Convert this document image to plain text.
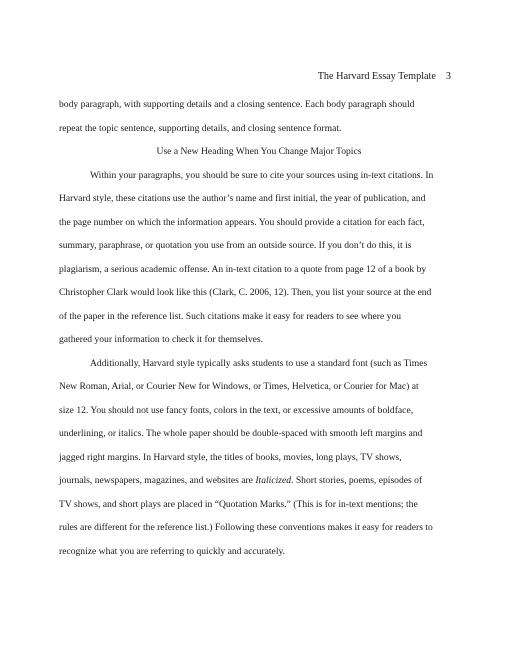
The Harvard Essay Template 3

body paragraph, with supporting details and a closing sentence. Each body paragraph should
repeat the topic sentence, supporting details, and closing sentence format.

Use a New Heading When You Change Major Topics

Within your paragraphs, you should be sure to cite your sources using in-text citations. In
Harvard style, these citations use the author’s name and first initial, the year of publication, and
the page number on which the information appears. You should provide a citation for each fact,
summary, paraphrase, or quotation you use from an outside source. If you don’t do this, it is
plagiarism, a serious academic offense. An in-text citation to a quote from page 12 of a book by
Christopher Clark would look like this (Clark, C. 2006, 12). Then, you list your source at the end
of the paper in the reference list. Such citations make it easy for readers to see where you
gathered your information to check it for themselves.

Additionally, Harvard style typically asks students to use a standard font (such as Times
New Roman, Arial, or Courier New for Windows, or Times, Helvetica, or Courier for Mac) at
size 12. You should not use fancy fonts, colors in the text, or excessive amounts of boldface,
underlining, or italics. The whole paper should be double-spaced with smooth left margins and
jagged right margins. In Harvard style, the titles of books, movies, long plays, TV shows,
journals, newspapers, magazines, and websites are Italicized. Short stories, poems, episodes of
TV shows, and short plays are placed in “Quotation Marks.” (This is for in-text mentions; the
rules are different for the reference list.) Following these conventions makes it easy for readers to
recognize what you are referring to quickly and accurately.
